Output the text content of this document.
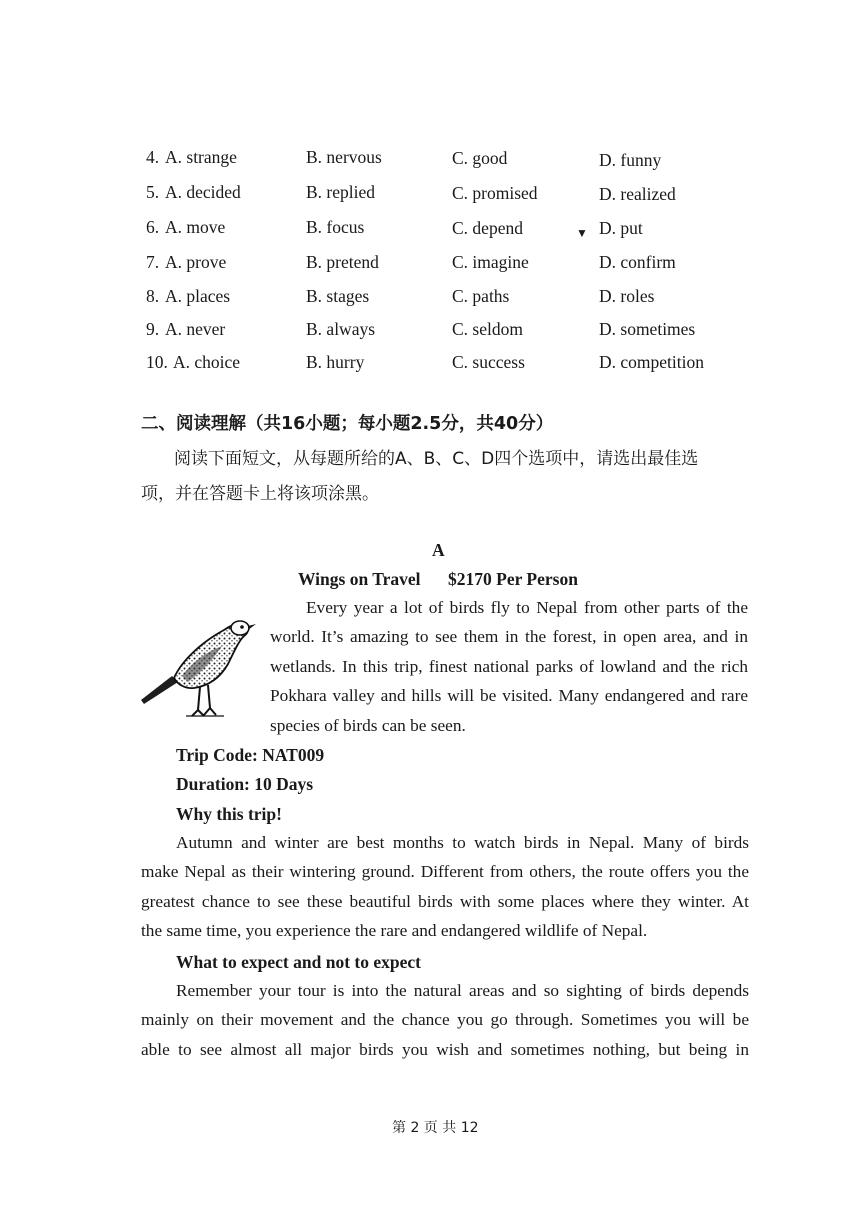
4. A. strange	B. nervous	C. good	D. funny
5. A. decided	B. replied	C. promised	D. realized
6. A. move	B. focus	C. depend	D. put
7. A. prove	B. pretend	C. imagine	D. confirm
8. A. places	B. stages	C. paths	D. roles
9. A. never	B. always	C. seldom	D. sometimes
10. A. choice	B. hurry	C. success	D. competition
▼
二、阅读理解（共16小题；每小题2.5分，共40分）
阅读下面短文，从每题所给的A、B、C、D四个选项中，请选出最佳选
项，并在答题卡上将该项涂黑。
A
Wings on Travel $2170 Per Person
Every year a lot of birds fly to Nepal from other parts of the
world. It’s amazing to see them in the forest, in open area, and in
wetlands. In this trip, finest national parks of lowland and the rich
Pokhara valley and hills will be visited. Many endangered and rare
species of birds can be seen.
Trip Code: NAT009
Duration: 10 Days
Why this trip!
Autumn and winter are best months to watch birds in Nepal. Many of birds
make Nepal as their wintering ground. Different from others, the route offers you the
greatest chance to see these beautiful birds with some places where they winter. At
the same time, you experience the rare and endangered wildlife of Nepal.
What to expect and not to expect
Remember your tour is into the natural areas and so sighting of birds depends
mainly on their movement and the chance you go through. Sometimes you will be
able to see almost all major birds you wish and sometimes nothing, but being in
第 2 页 共 12
